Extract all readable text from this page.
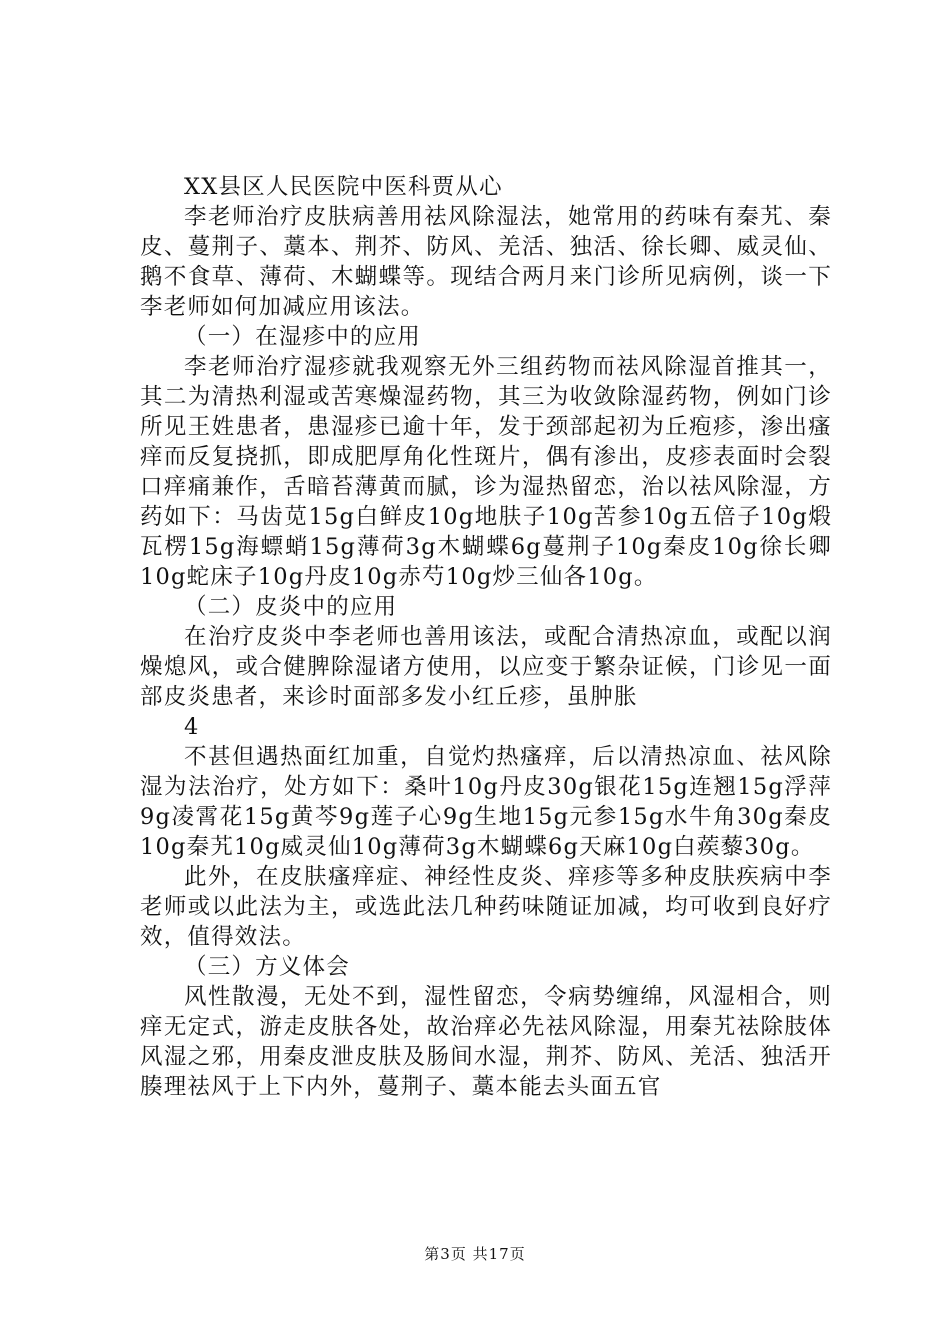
XX县区人民医院中医科贾从心

李老师治疗皮肤病善用祛风除湿法，她常用的药味有秦艽、秦皮、蔓荆子、藁本、荆芥、防风、羌活、独活、徐长卿、威灵仙、鹅不食草、薄荷、木蝴蝶等。现结合两月来门诊所见病例，谈一下李老师如何加减应用该法。

（一）在湿疹中的应用

李老师治疗湿疹就我观察无外三组药物而祛风除湿首推其一，其二为清热利湿或苦寒燥湿药物，其三为收敛除湿药物，例如门诊所见王姓患者，患湿疹已逾十年，发于颈部起初为丘疱疹，渗出瘙痒而反复挠抓，即成肥厚角化性斑片，偶有渗出，皮疹表面时会裂口痒痛兼作，舌暗苔薄黄而腻，诊为湿热留恋，治以祛风除湿，方药如下：马齿苋15g白鲜皮10g地肤子10g苦参10g五倍子10g煅瓦楞15g海螵蛸15g薄荷3g木蝴蝶6g蔓荆子10g秦皮10g徐长卿10g蛇床子10g丹皮10g赤芍10g炒三仙各10g。

（二）皮炎中的应用

在治疗皮炎中李老师也善用该法，或配合清热凉血，或配以润燥熄风，或合健脾除湿诸方使用，以应变于繁杂证候，门诊见一面部皮炎患者，来诊时面部多发小红丘疹，虽肿胀

4

不甚但遇热面红加重，自觉灼热瘙痒，后以清热凉血、祛风除湿为法治疗，处方如下：桑叶10g丹皮30g银花15g连翘15g浮萍9g凌霄花15g黄芩9g莲子心9g生地15g元参15g水牛角30g秦皮10g秦艽10g威灵仙10g薄荷3g木蝴蝶6g天麻10g白蒺藜30g。

此外，在皮肤瘙痒症、神经性皮炎、痒疹等多种皮肤疾病中李老师或以此法为主，或选此法几种药味随证加减，均可收到良好疗效，值得效法。

（三）方义体会

风性散漫，无处不到，湿性留恋，令病势缠绵，风湿相合，则痒无定式，游走皮肤各处，故治痒必先祛风除湿，用秦艽祛除肢体风湿之邪，用秦皮泄皮肤及肠间水湿，荆芥、防风、羌活、独活开腠理祛风于上下内外，蔓荆子、藁本能去头面五官

第3页 共17页
